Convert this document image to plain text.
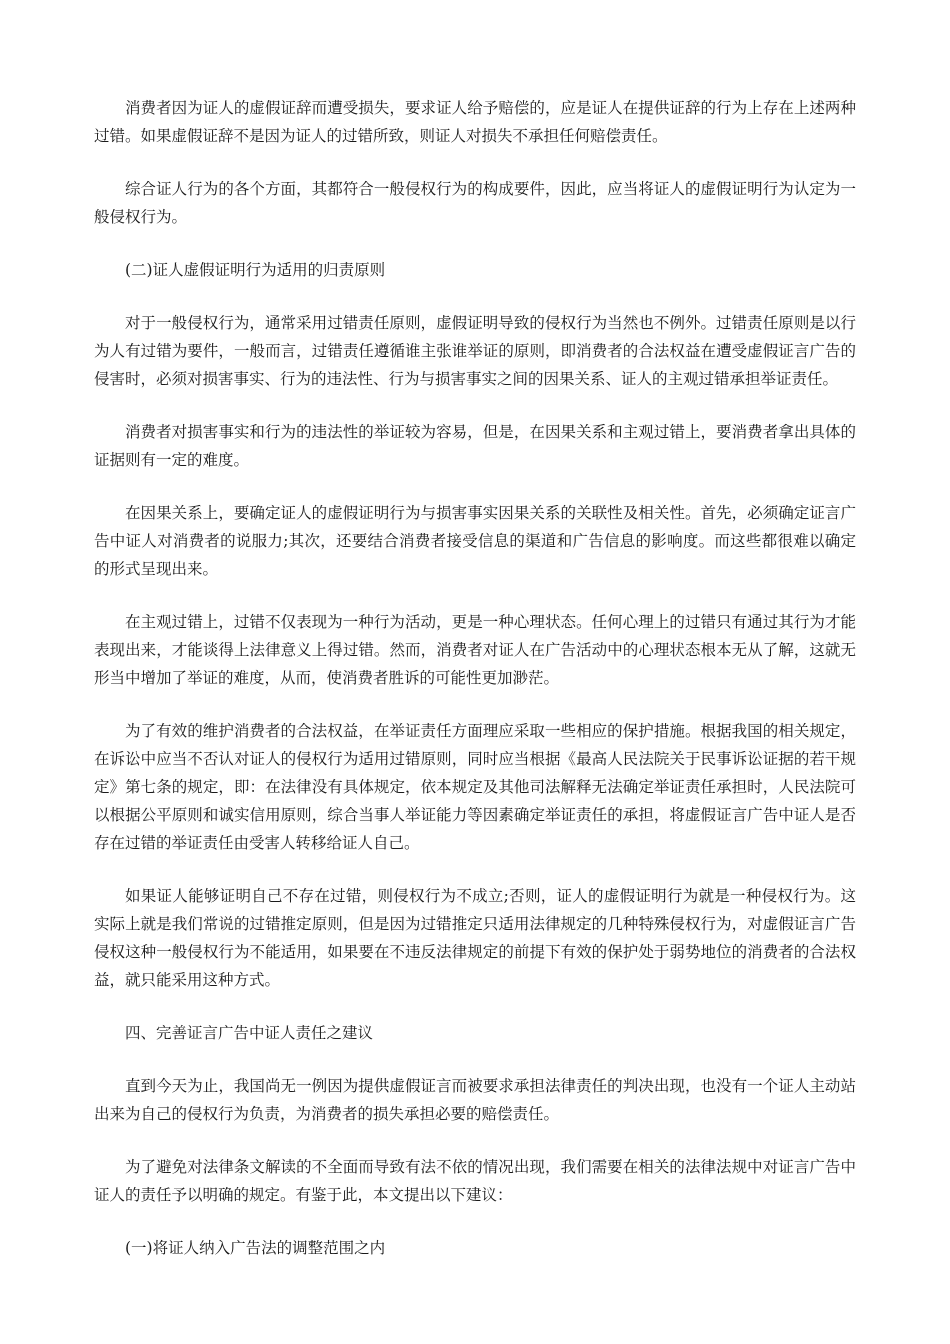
消费者因为证人的虚假证辞而遭受损失，要求证人给予赔偿的，应是证人在提供证辞的行为上存在上述两种过错。如果虚假证辞不是因为证人的过错所致，则证人对损失不承担任何赔偿责任。

综合证人行为的各个方面，其都符合一般侵权行为的构成要件，因此，应当将证人的虚假证明行为认定为一般侵权行为。

(二)证人虚假证明行为适用的归责原则

对于一般侵权行为，通常采用过错责任原则，虚假证明导致的侵权行为当然也不例外。过错责任原则是以行为人有过错为要件，一般而言，过错责任遵循谁主张谁举证的原则，即消费者的合法权益在遭受虚假证言广告的侵害时，必须对损害事实、行为的违法性、行为与损害事实之间的因果关系、证人的主观过错承担举证责任。

消费者对损害事实和行为的违法性的举证较为容易，但是，在因果关系和主观过错上，要消费者拿出具体的证据则有一定的难度。

在因果关系上，要确定证人的虚假证明行为与损害事实因果关系的关联性及相关性。首先，必须确定证言广告中证人对消费者的说服力;其次，还要结合消费者接受信息的渠道和广告信息的影响度。而这些都很难以确定的形式呈现出来。

在主观过错上，过错不仅表现为一种行为活动，更是一种心理状态。任何心理上的过错只有通过其行为才能表现出来，才能谈得上法律意义上得过错。然而，消费者对证人在广告活动中的心理状态根本无从了解，这就无形当中增加了举证的难度，从而，使消费者胜诉的可能性更加渺茫。

为了有效的维护消费者的合法权益，在举证责任方面理应采取一些相应的保护措施。根据我国的相关规定，在诉讼中应当不否认对证人的侵权行为适用过错原则，同时应当根据《最高人民法院关于民事诉讼证据的若干规定》第七条的规定，即：在法律没有具体规定，依本规定及其他司法解释无法确定举证责任承担时，人民法院可以根据公平原则和诚实信用原则，综合当事人举证能力等因素确定举证责任的承担，将虚假证言广告中证人是否存在过错的举证责任由受害人转移给证人自己。

如果证人能够证明自己不存在过错，则侵权行为不成立;否则，证人的虚假证明行为就是一种侵权行为。这实际上就是我们常说的过错推定原则，但是因为过错推定只适用法律规定的几种特殊侵权行为，对虚假证言广告侵权这种一般侵权行为不能适用，如果要在不违反法律规定的前提下有效的保护处于弱势地位的消费者的合法权益，就只能采用这种方式。

四、完善证言广告中证人责任之建议

直到今天为止，我国尚无一例因为提供虚假证言而被要求承担法律责任的判决出现，也没有一个证人主动站出来为自己的侵权行为负责，为消费者的损失承担必要的赔偿责任。

为了避免对法律条文解读的不全面而导致有法不依的情况出现，我们需要在相关的法律法规中对证言广告中证人的责任予以明确的规定。有鉴于此，本文提出以下建议：

(一)将证人纳入广告法的调整范围之内
